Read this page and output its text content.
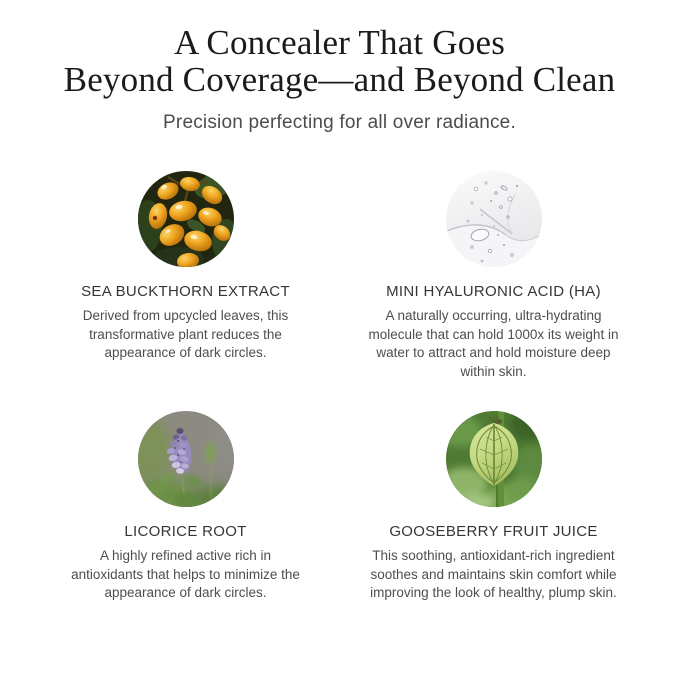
A Concealer That Goes
Beyond Coverage—and Beyond Clean
Precision perfecting for all over radiance.
SEA BUCKTHORN EXTRACT
Derived from upcycled leaves, this transformative plant reduces the appearance of dark circles.
MINI HYALURONIC ACID (HA)
A naturally occurring, ultra-hydrating molecule that can hold 1000x its weight in water to attract and hold moisture deep within skin.
LICORICE ROOT
A highly refined active rich in antioxidants that helps to minimize the appearance of dark circles.
GOOSEBERRY FRUIT JUICE
This soothing, antioxidant-rich ingredient soothes and maintains skin comfort while improving the look of healthy, plump skin.
